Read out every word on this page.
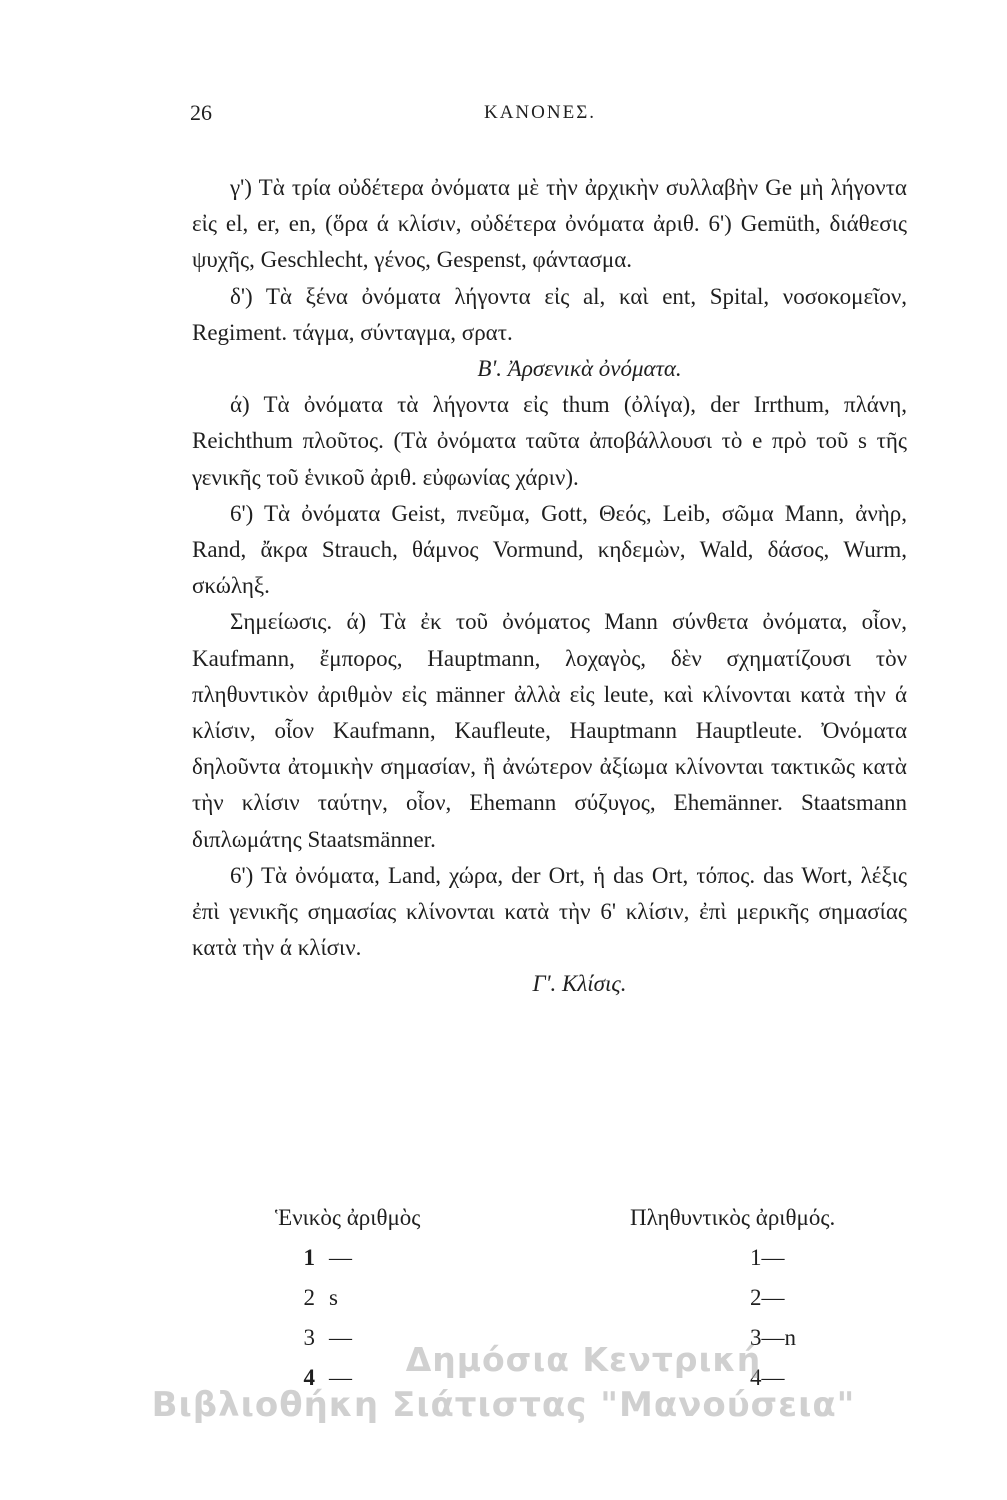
26	ΚΑΝΟΝΕΣ.

γ') Τὰ τρία οὐδέτερα ὀνόματα μὲ τὴν ἀρχικὴν συλλαβὴν Ge μὴ λήγοντα εἰς el, er, en, (ὅρα ά κλίσιν, οὐδέτερα ὀνόματα ἀριθ. 6') Gemüth, διάθεσις ψυχῆς, Geschlecht, γένος, Gespenst, φάντασμα.

δ') Τὰ ξένα ὀνόματα λήγοντα εἰς al, καὶ ent, Spital, νοσοκομεῖον, Regiment. τάγμα, σύνταγμα, σρατ.

Β'. Ἀρσενικὰ ὀνόματα.

ά) Τὰ ὀνόματα τὰ λήγοντα εἰς thum (ὀλίγα), der Irrthum, πλάνη, Reichthum πλοῦτος. (Τὰ ὀνόματα ταῦτα ἀποβάλλουσι τὸ e πρὸ τοῦ s τῆς γενικῆς τοῦ ἑνικοῦ ἀριθ. εὐφωνίας χάριν).

6') Τὰ ὀνόματα Geist, πνεῦμα, Gott, Θεός, Leib, σῶμα Mann, ἀνὴρ, Rand, ἄκρα Strauch, θάμνος Vormund, κηδεμὼν, Wald, δάσος, Wurm, σκώληξ.

Σημείωσις. ά) Τὰ ἐκ τοῦ ὀνόματος Mann σύνθετα ὀνόματα, οἷον, Kaufmann, ἔμπορος, Hauptmann, λοχαγὸς, δὲν σχηματίζουσι τὸν πληθυντικὸν ἀριθμὸν εἰς männer ἀλλὰ εἰς leute, καὶ κλίνονται κατὰ τὴν ά κλίσιν, οἷον Kaufmann, Kaufleute, Hauptmann Hauptleute. Ὀνόματα δηλοῦντα ἀτομικὴν σημασίαν, ἢ ἀνώτερον ἀξίωμα κλίνονται τακτικῶς κατὰ τὴν κλίσιν ταύτην, οἷον, Ehemann σύζυγος, Ehemänner. Staatsmann διπλωμάτης Staatsmänner.

6') Τὰ ὀνόματα, Land, χώρα, der Ort, ἡ das Ort, τόπος. das Wort, λέξις ἐπὶ γενικῆς σημασίας κλίνονται κατὰ τὴν 6' κλίσιν, ἐπὶ μερικῆς σημασίας κατὰ τὴν ά κλίσιν.

Γ'. Κλίσις.

Ἑνικὸς ἀριθμὸς
1 —
2 s
3 —
4 —
Πληθυντικὸς ἀριθμός.
1—
2—
3—n
4—
Δημόσια Κεντρική
Βιβλιοθήκη Σιάτιστας "Μανούσεια"
